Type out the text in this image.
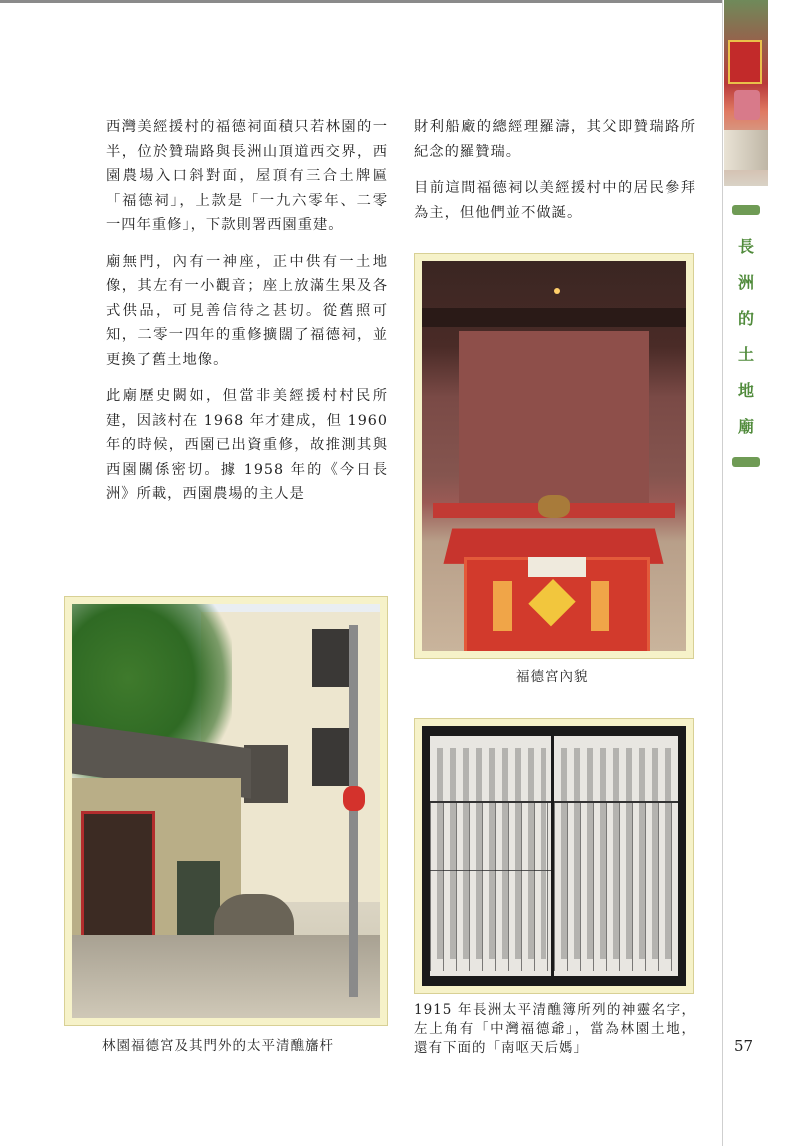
長
洲
的
土
地
廟

西灣美經援村的福德祠面積只若林園的一半，位於贊瑞路與長洲山頂道西交界，西園農場入口斜對面，屋頂有三合土牌匾「福德祠」，上款是「一九六零年、二零一四年重修」，下款則署西園重建。

廟無門，內有一神座，正中供有一土地像，其左有一小觀音；座上放滿生果及各式供品，可見善信待之甚切。從舊照可知，二零一四年的重修擴闊了福德祠，並更換了舊土地像。

此廟歷史闕如，但當非美經援村村民所建，因該村在 1968 年才建成，但 1960 年的時候，西園已出資重修，故推測其與西園關係密切。據 1958 年的《今日長洲》所載，西園農場的主人是

財利船廠的總經理羅濤，其父即贊瑞路所紀念的羅贊瑞。

目前這間福德祠以美經援村中的居民參拜為主，但他們並不做誕。

福德宮內貌
林園福德宮及其門外的太平清醮旛杆
1915 年長洲太平清醮簿所列的神靈名字，左上角有「中灣福德爺」，當為林園土地，還有下面的「南呕天后媽」	57
